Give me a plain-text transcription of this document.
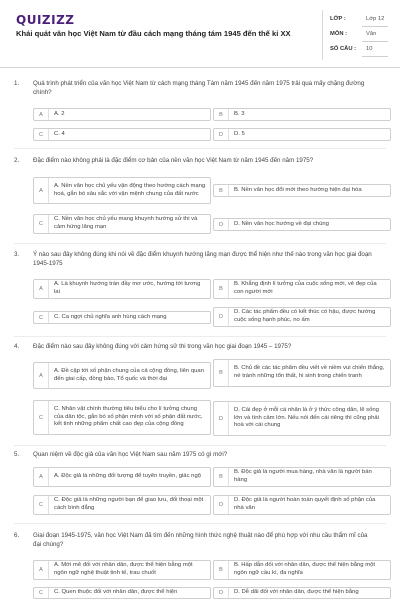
QUIZIZZ
Khái quát văn học Việt Nam từ đầu cách mạng tháng tám 1945 đến thế kỉ XX
LỚP :	Lớp 12
MÔN :	Văn
SỐ CÂU : 10
1. Quá trình phát triển của văn học Việt Nam từ cách mạng tháng Tám năm 1945 đến năm 1975 trải qua mấy chặng đường chính?
A	A. 2	B	B. 3
C	C. 4	D	D. 5
2. Đặc điểm nào không phải là đặc điểm cơ bản của nền văn học Việt Nam từ năm 1945 đến năm 1975?
A
A. Nền văn học chủ yếu vận động theo hướng cách mạng hoá, gắn bó sâu sắc với vận mệnh chung của đất nước	B	B. Nền văn học đổi mới theo hướng hiện đại hóa
C
C. Nền văn học chủ yếu mang khuynh hướng sử thi và cảm hứng lãng mạn	D	D. Nền văn học hướng về đại chúng
3. Ý nào sau đây không đúng khi nói về đặc điểm khuynh hướng lãng mạn được thể hiện như thế nào trong văn học giai đoạn 1945-1975
A
A. Là khuynh hướng tràn đầy mơ ước, hướng tới tương lai	B
B. Khẳng định lí tưởng của cuộc sống mới, vẻ đẹp của con người mới
C	C. Ca ngợi chủ nghĩa anh hùng cách mạng	D
D. Các tác phẩm đều có kết thúc có hậu, được hướng cuộc sống hạnh phúc, no ấm
4. Đặc điểm nào sau đây không đúng với cảm hứng sử thi trong văn học giai đoạn 1945 – 1975?
A
A. Đề cập tới số phận chung của cả cộng đồng, liên quan đến giai cấp, đồng bào, Tổ quốc và thời đại
B
B. Chủ đề các tác phẩm đều viết về niềm vui chiến thắng, né tránh những tổn thất, hi sinh trong chiến tranh
C
C. Nhân vật chính thường tiêu biểu cho lí tưởng chung của dân tộc, gắn bó số phận mình với số phận đất nước, kết tinh những phẩm chất cao đẹp của cộng đồng
D
D. Cái đẹp ở mỗi cá nhân là ở ý thức công dân, lẽ sống lớn và tình cảm lớn. Nếu nói đến cái riêng thì cũng phải hoà với cái chung
5. Quan niệm về độc giả của văn học Việt Nam sau năm 1975 có gì mới?
A	A. Độc giả là những đối tượng để tuyên truyền, giác ngộ	B
B. Độc giả là người mua hàng, nhà văn là người bán hàng
C
C. Độc giả là những người bạn để giao lưu, đối thoại một cách bình đẳng	D
D. Độc giả là người hoàn toàn quyết định số phận của nhà văn
6. Giai đoạn 1945-1975, văn học Việt Nam đã tìm đến những hình thức nghệ thuật nào để phù hợp với nhu cầu thẩm mĩ của đại chúng?
A
A. Mới mẻ đối với nhân dân, được thể hiện bằng một ngôn ngữ nghệ thuật tinh tế, trau chuốt	B
B. Hấp dẫn đối với nhân dân, được thể hiện bằng một ngôn ngữ cầu kì, đa nghĩa
C	C. Quen thuộc đối với nhân dân, được thể hiện	D	D. Dễ dãi đối với nhân dân, được thể hiện bằng
